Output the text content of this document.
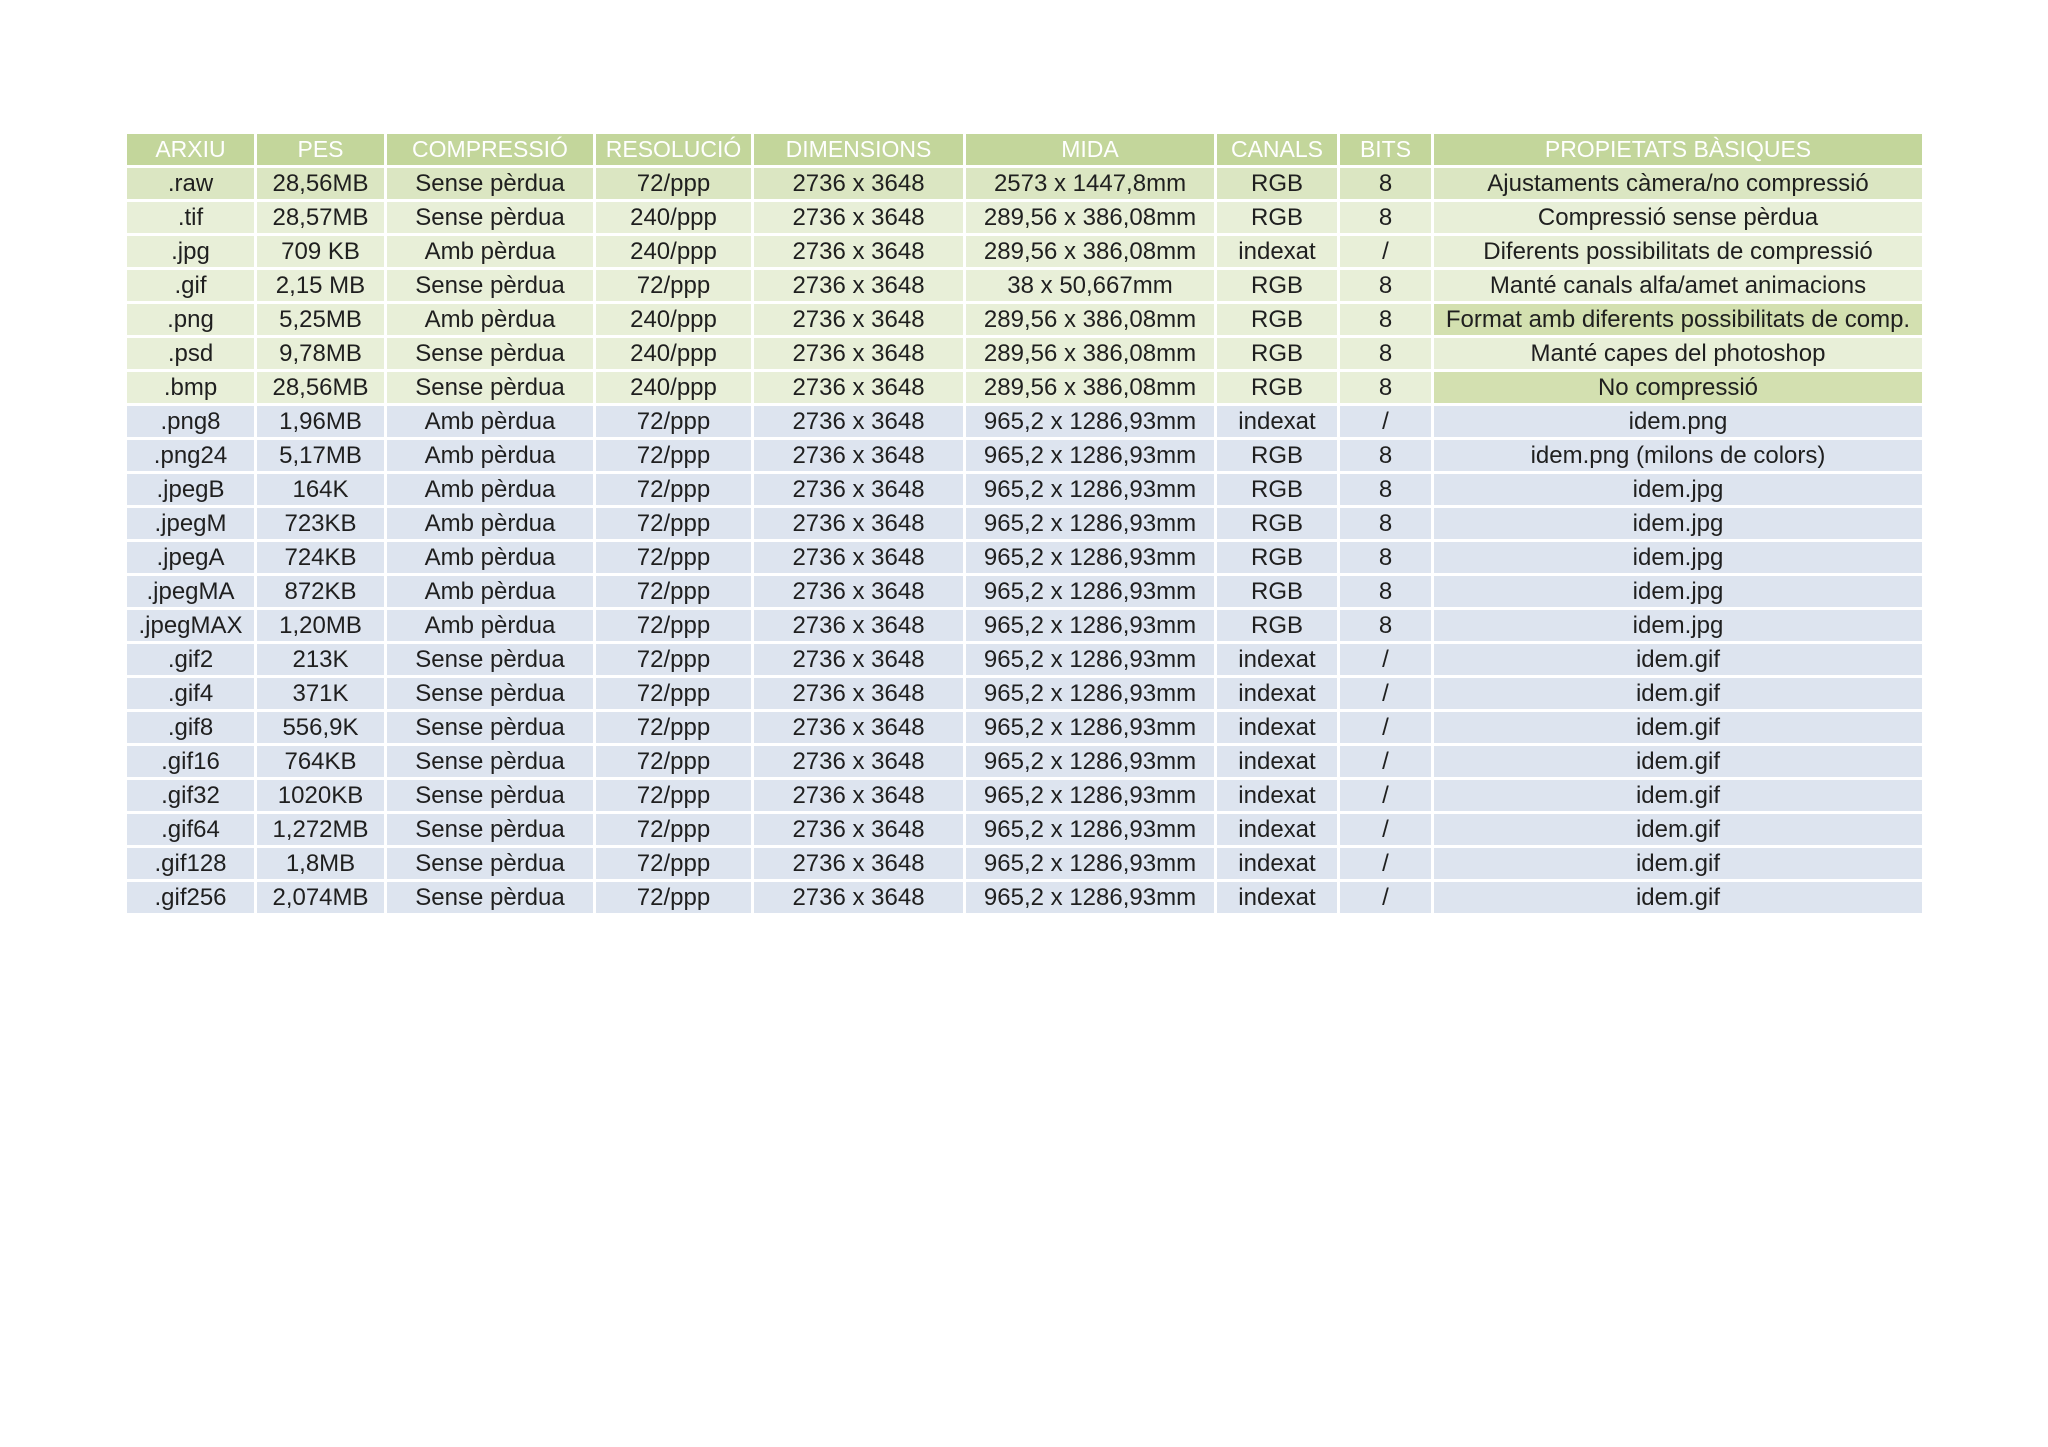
ARXIU	PES	COMPRESSIÓ	RESOLUCIÓ	DIMENSIONS	MIDA	CANALS	BITS	PROPIETATS BÀSIQUES
.raw	28,56MB	Sense pèrdua	72/ppp	2736 x 3648	2573 x 1447,8mm	RGB	8	Ajustaments càmera/no compressió
.tif	28,57MB	Sense pèrdua	240/ppp	2736 x 3648	289,56 x 386,08mm	RGB	8	Compressió sense pèrdua
.jpg	709 KB	Amb pèrdua	240/ppp	2736 x 3648	289,56 x 386,08mm	indexat	/	Diferents possibilitats de compressió
.gif	2,15 MB	Sense pèrdua	72/ppp	2736 x 3648	38 x 50,667mm	RGB	8	Manté canals alfa/amet animacions
.png	5,25MB	Amb pèrdua	240/ppp	2736 x 3648	289,56 x 386,08mm	RGB	8	Format amb diferents possibilitats de comp.
.psd	9,78MB	Sense pèrdua	240/ppp	2736 x 3648	289,56 x 386,08mm	RGB	8	Manté capes del photoshop
.bmp	28,56MB	Sense pèrdua	240/ppp	2736 x 3648	289,56 x 386,08mm	RGB	8	No compressió
.png8	1,96MB	Amb pèrdua	72/ppp	2736 x 3648	965,2 x 1286,93mm	indexat	/	idem.png
.png24	5,17MB	Amb pèrdua	72/ppp	2736 x 3648	965,2 x 1286,93mm	RGB	8	idem.png (milons de colors)
.jpegB	164K	Amb pèrdua	72/ppp	2736 x 3648	965,2 x 1286,93mm	RGB	8	idem.jpg
.jpegM	723KB	Amb pèrdua	72/ppp	2736 x 3648	965,2 x 1286,93mm	RGB	8	idem.jpg
.jpegA	724KB	Amb pèrdua	72/ppp	2736 x 3648	965,2 x 1286,93mm	RGB	8	idem.jpg
.jpegMA	872KB	Amb pèrdua	72/ppp	2736 x 3648	965,2 x 1286,93mm	RGB	8	idem.jpg
.jpegMAX	1,20MB	Amb pèrdua	72/ppp	2736 x 3648	965,2 x 1286,93mm	RGB	8	idem.jpg
.gif2	213K	Sense pèrdua	72/ppp	2736 x 3648	965,2 x 1286,93mm	indexat	/	idem.gif
.gif4	371K	Sense pèrdua	72/ppp	2736 x 3648	965,2 x 1286,93mm	indexat	/	idem.gif
.gif8	556,9K	Sense pèrdua	72/ppp	2736 x 3648	965,2 x 1286,93mm	indexat	/	idem.gif
.gif16	764KB	Sense pèrdua	72/ppp	2736 x 3648	965,2 x 1286,93mm	indexat	/	idem.gif
.gif32	1020KB	Sense pèrdua	72/ppp	2736 x 3648	965,2 x 1286,93mm	indexat	/	idem.gif
.gif64	1,272MB	Sense pèrdua	72/ppp	2736 x 3648	965,2 x 1286,93mm	indexat	/	idem.gif
.gif128	1,8MB	Sense pèrdua	72/ppp	2736 x 3648	965,2 x 1286,93mm	indexat	/	idem.gif
.gif256	2,074MB	Sense pèrdua	72/ppp	2736 x 3648	965,2 x 1286,93mm	indexat	/	idem.gif
